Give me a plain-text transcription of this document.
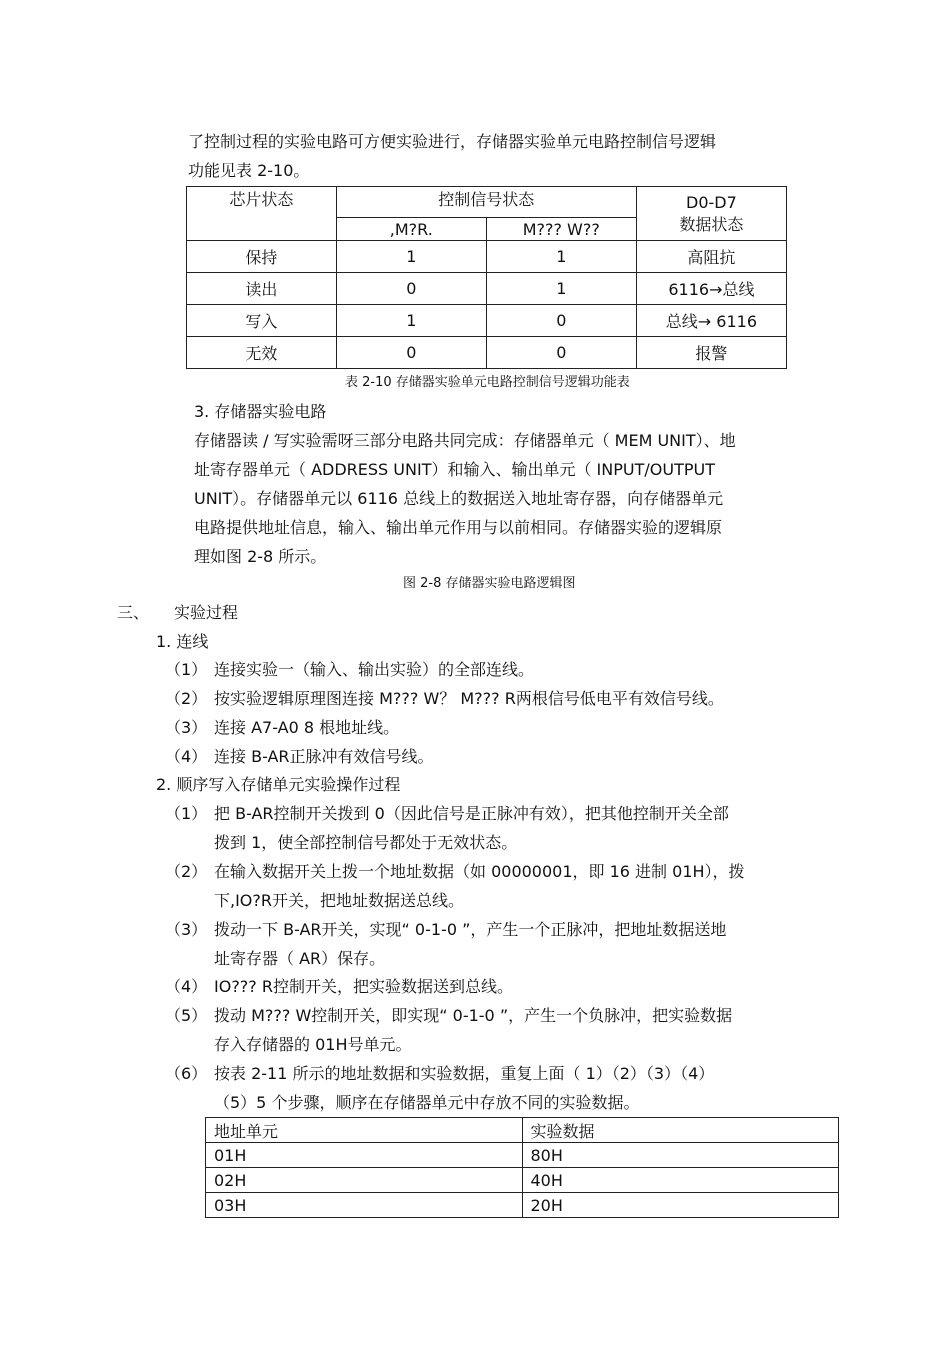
了控制过程的实验电路可方便实验进行，存储器实验单元电路控制信号逻辑
功能见表 2-10。
芯片状态	控制信号状态		D0-D7
数据状态

	,M?R.	M??? W??	
保持	1	1	高阻抗
读出	0	1	6116→总线
写入	1	0	总线→ 6116
无效	0	0	报警
表 2-10 存储器实验单元电路控制信号逻辑功能表
3. 存储器实验电路
存储器读 / 写实验需呀三部分电路共同完成：存储器单元（ MEM UNIT）、地
址寄存器单元（ ADDRESS UNIT）和输入、输出单元（ INPUT/OUTPUT
UNIT）。存储器单元以 6116 总线上的数据送入地址寄存器，向存储器单元
电路提供地址信息，输入、输出单元作用与以前相同。存储器实验的逻辑原
理如图 2-8 所示。
图 2-8 存储器实验电路逻辑图
三、 实验过程
1. 连线
（1） 连接实验一（输入、输出实验）的全部连线。
（2） 按实验逻辑原理图连接 M??? W？ M??? R两根信号低电平有效信号线。
（3） 连接 A7-A0 8 根地址线。
（4） 连接 B-AR正脉冲有效信号线。
2. 顺序写入存储单元实验操作过程
（1） 把 B-AR控制开关拨到 0（因此信号是正脉冲有效），把其他控制开关全部
拨到 1，使全部控制信号都处于无效状态。
（2） 在输入数据开关上拨一个地址数据（如 00000001，即 16 进制 01H），拨
下,IO?R开关，把地址数据送总线。
（3） 拨动一下 B-AR开关，实现“ 0-1-0 ”，产生一个正脉冲，把地址数据送地
址寄存器（ AR）保存。
（4） IO??? R控制开关，把实验数据送到总线。
（5） 拨动 M??? W控制开关，即实现“ 0-1-0 ”，产生一个负脉冲，把实验数据
存入存储器的 01H号单元。
（6） 按表 2-11 所示的地址数据和实验数据，重复上面（ 1）（2）（3）（4）
（5）5 个步骤，顺序在存储器单元中存放不同的实验数据。
地址单元	实验数据
01H	80H
02H	40H
03H	20H
